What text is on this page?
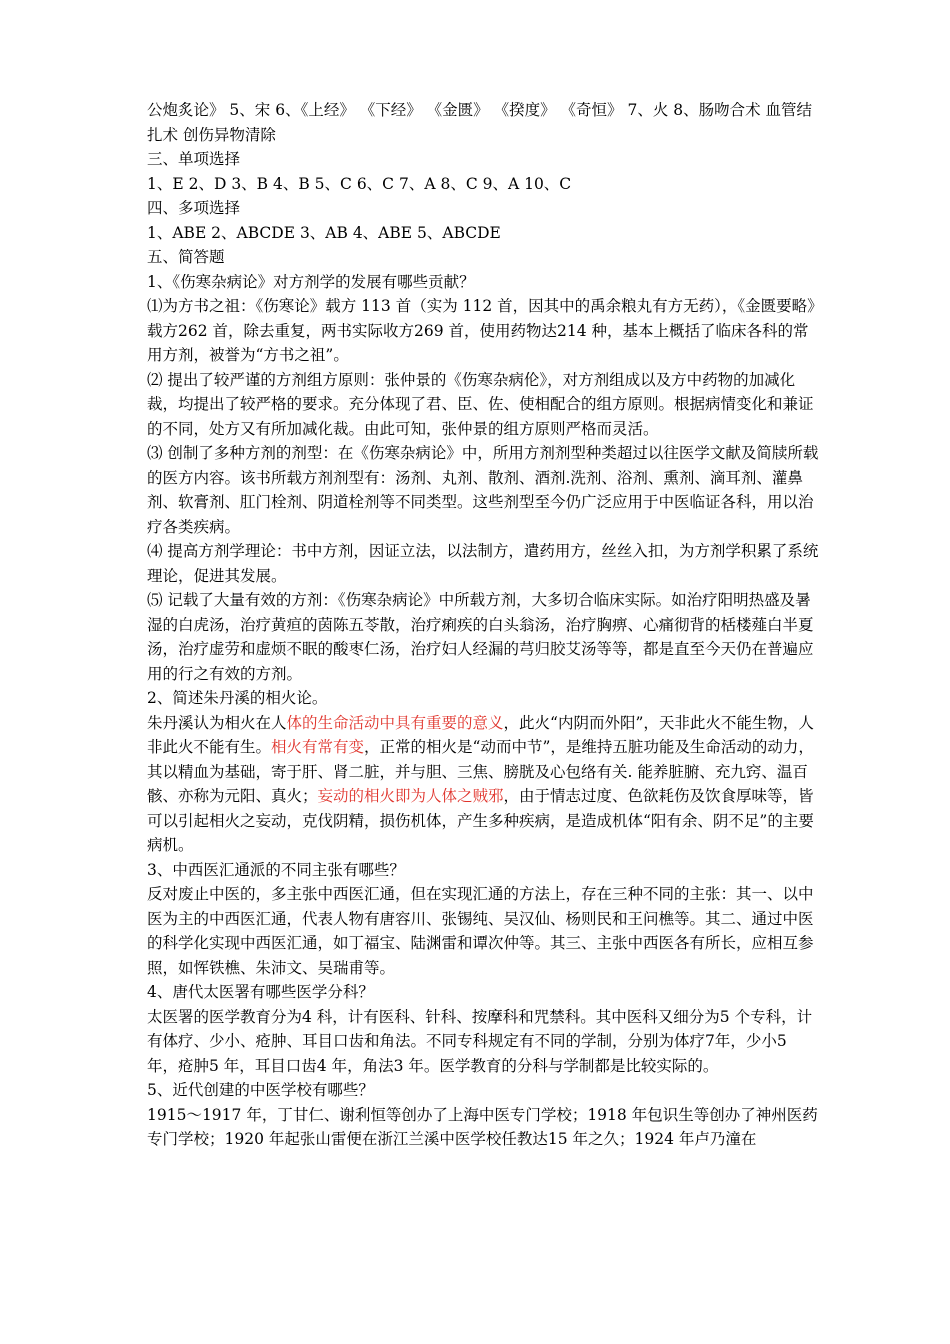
公炮炙论》 5、宋 6、《上经》 《下经》 《金匮》 《揆度》 《奇恒》 7、火 8、肠吻合术 血管结扎术 创伤异物清除
三、单项选择
1、E 2、D 3、B 4、B 5、C 6、C 7、A 8、C 9、A 10、C
四、多项选择
1、ABE 2、ABCDE 3、AB 4、ABE 5、ABCDE
五、简答题
1、《伤寒杂病论》对方剂学的发展有哪些贡献？
⑴为方书之祖：《伤寒论》载方 113 首（实为 112 首，因其中的禹余粮丸有方无药），《金匮要略》载方262 首，除去重复，两书实际收方269 首，使用药物达214 种，基本上概括了临床各科的常用方剂，被誉为“方书之祖”。
⑵ 提出了较严谨的方剂组方原则：张仲景的《伤寒杂病伦》，对方剂组成以及方中药物的加减化裁，均提出了较严格的要求。充分体现了君、臣、佐、使相配合的组方原则。根据病情变化和兼证的不同，处方又有所加减化裁。由此可知，张仲景的组方原则严格而灵活。
⑶ 创制了多种方剂的剂型：在《伤寒杂病论》中，所用方剂剂型种类超过以往医学文献及简牍所载的医方内容。该书所载方剂剂型有：汤剂、丸剂、散剂、酒剂.洗剂、浴剂、熏剂、滴耳剂、灌鼻剂、软膏剂、肛门栓剂、阴道栓剂等不同类型。这些剂型至今仍广泛应用于中医临证各科，用以治疗各类疾病。
⑷ 提高方剂学理论：书中方剂，因证立法，以法制方，遣药用方，丝丝入扣，为方剂学积累了系统理论，促进其发展。
⑸ 记载了大量有效的方剂：《伤寒杂病论》中所载方剂，大多切合临床实际。如治疗阳明热盛及暑湿的白虎汤，治疗黄疸的茵陈五苓散，治疗痢疾的白头翁汤，治疗胸痹、心痛彻背的栝楼薤白半夏汤，治疗虚劳和虚烦不眠的酸枣仁汤，治疗妇人经漏的芎归胶艾汤等等，都是直至今天仍在普遍应用的行之有效的方剂。
2、简述朱丹溪的相火论。
朱丹溪认为相火在人体的生命活动中具有重要的意义，此火“内阴而外阳”，天非此火不能生物，人非此火不能有生。相火有常有变，正常的相火是“动而中节”，是维持五脏功能及生命活动的动力，其以精血为基础，寄于肝、肾二脏，并与胆、三焦、膀胱及心包络有关. 能养脏腑、充九窍、温百骸、亦称为元阳、真火；妄动的相火即为人体之贼邪，由于情志过度、色欲耗伤及饮食厚味等，皆可以引起相火之妄动，克伐阴精，损伤机体，产生多种疾病，是造成机体“阳有余、阴不足”的主要病机。
3、中西医汇通派的不同主张有哪些？
反对废止中医的，多主张中西医汇通，但在实现汇通的方法上，存在三种不同的主张：其一、以中医为主的中西医汇通，代表人物有唐容川、张锡纯、吴汉仙、杨则民和王问樵等。其二、通过中医的科学化实现中西医汇通，如丁福宝、陆渊雷和谭次仲等。其三、主张中西医各有所长，应相互参照，如恽铁樵、朱沛文、吴瑞甫等。
4、唐代太医署有哪些医学分科？
太医署的医学教育分为4 科，计有医科、针科、按摩科和咒禁科。其中医科又细分为5 个专科，计有体疗、少小、疮肿、耳目口齿和角法。不同专科规定有不同的学制，分别为体疗7年，少小5 年，疮肿5 年，耳目口齿4 年，角法3 年。医学教育的分科与学制都是比较实际的。
5、近代创建的中医学校有哪些？
1915～1917 年，丁甘仁、谢利恒等创办了上海中医专门学校；1918 年包识生等创办了神州医药专门学校；1920 年起张山雷便在浙江兰溪中医学校任教达15 年之久；1924 年卢乃潼在
